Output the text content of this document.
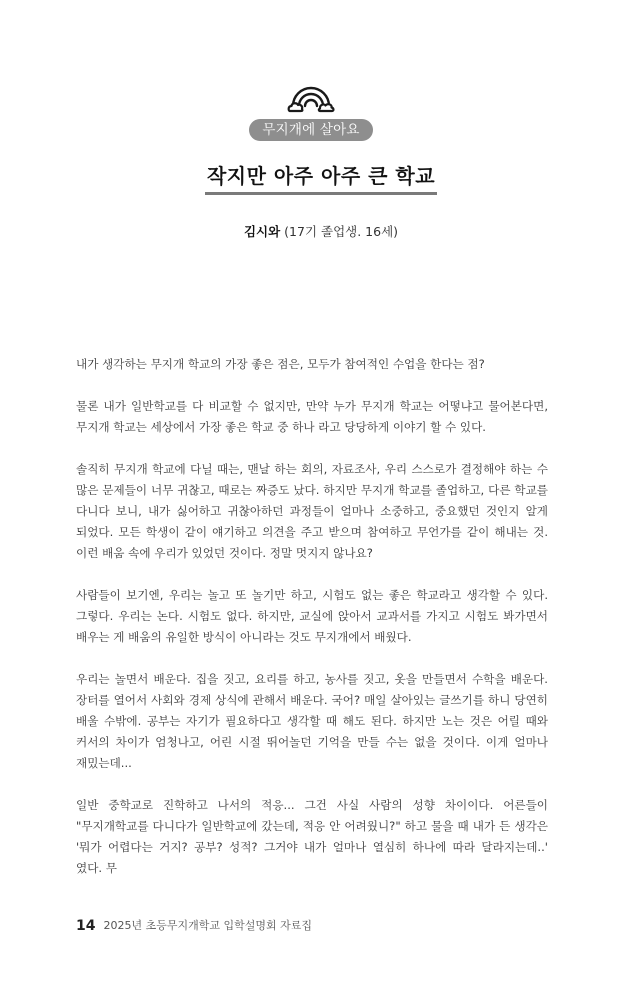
무지개에 살아요
작지만 아주 아주 큰 학교
김시와 (17기 졸업생. 16세)

내가 생각하는 무지개 학교의 가장 좋은 점은, 모두가 참여적인 수업을 한다는 점?

물론 내가 일반학교를 다 비교할 수 없지만, 만약 누가 무지개 학교는 어떻냐고 물어본다면, 무지개 학교는 세상에서 가장 좋은 학교 중 하나 라고 당당하게 이야기 할 수 있다.

솔직히 무지개 학교에 다닐 때는, 맨날 하는 회의, 자료조사, 우리 스스로가 결정해야 하는 수 많은 문제들이 너무 귀찮고, 때로는 짜증도 났다. 하지만 무지개 학교를 졸업하고, 다른 학교를 다니다 보니, 내가 싫어하고 귀찮아하던 과정들이 얼마나 소중하고, 중요했던 것인지 알게 되었다. 모든 학생이 같이 얘기하고 의견을 주고 받으며 참여하고 무언가를 같이 해내는 것. 이런 배움 속에 우리가 있었던 것이다. 정말 멋지지 않나요?

사람들이 보기엔, 우리는 놀고 또 놀기만 하고, 시험도 없는 좋은 학교라고 생각할 수 있다. 그렇다. 우리는 논다. 시험도 없다. 하지만, 교실에 앉아서 교과서를 가지고 시험도 봐가면서 배우는 게 배움의 유일한 방식이 아니라는 것도 무지개에서 배웠다.

우리는 놀면서 배운다. 집을 짓고, 요리를 하고, 농사를 짓고, 옷을 만들면서 수학을 배운다. 장터를 열어서 사회와 경제 상식에 관해서 배운다. 국어? 매일 살아있는 글쓰기를 하니 당연히 배울 수밖에. 공부는 자기가 필요하다고 생각할 때 해도 된다. 하지만 노는 것은 어릴 때와 커서의 차이가 엄청나고, 어린 시절 뛰어놀던 기억을 만들 수는 없을 것이다. 이게 얼마나 재밌는데...

일반 중학교로 진학하고 나서의 적응... 그건 사실 사람의 성향 차이이다. 어른들이 "무지개학교를 다니다가 일반학교에 갔는데, 적응 안 어려웠니?" 하고 물을 때 내가 든 생각은 '뭐가 어렵다는 거지? 공부? 성적? 그거야 내가 얼마나 열심히 하나에 따라 달라지는데..' 였다. 무

14 2025년 초등무지개학교 입학설명회 자료집
